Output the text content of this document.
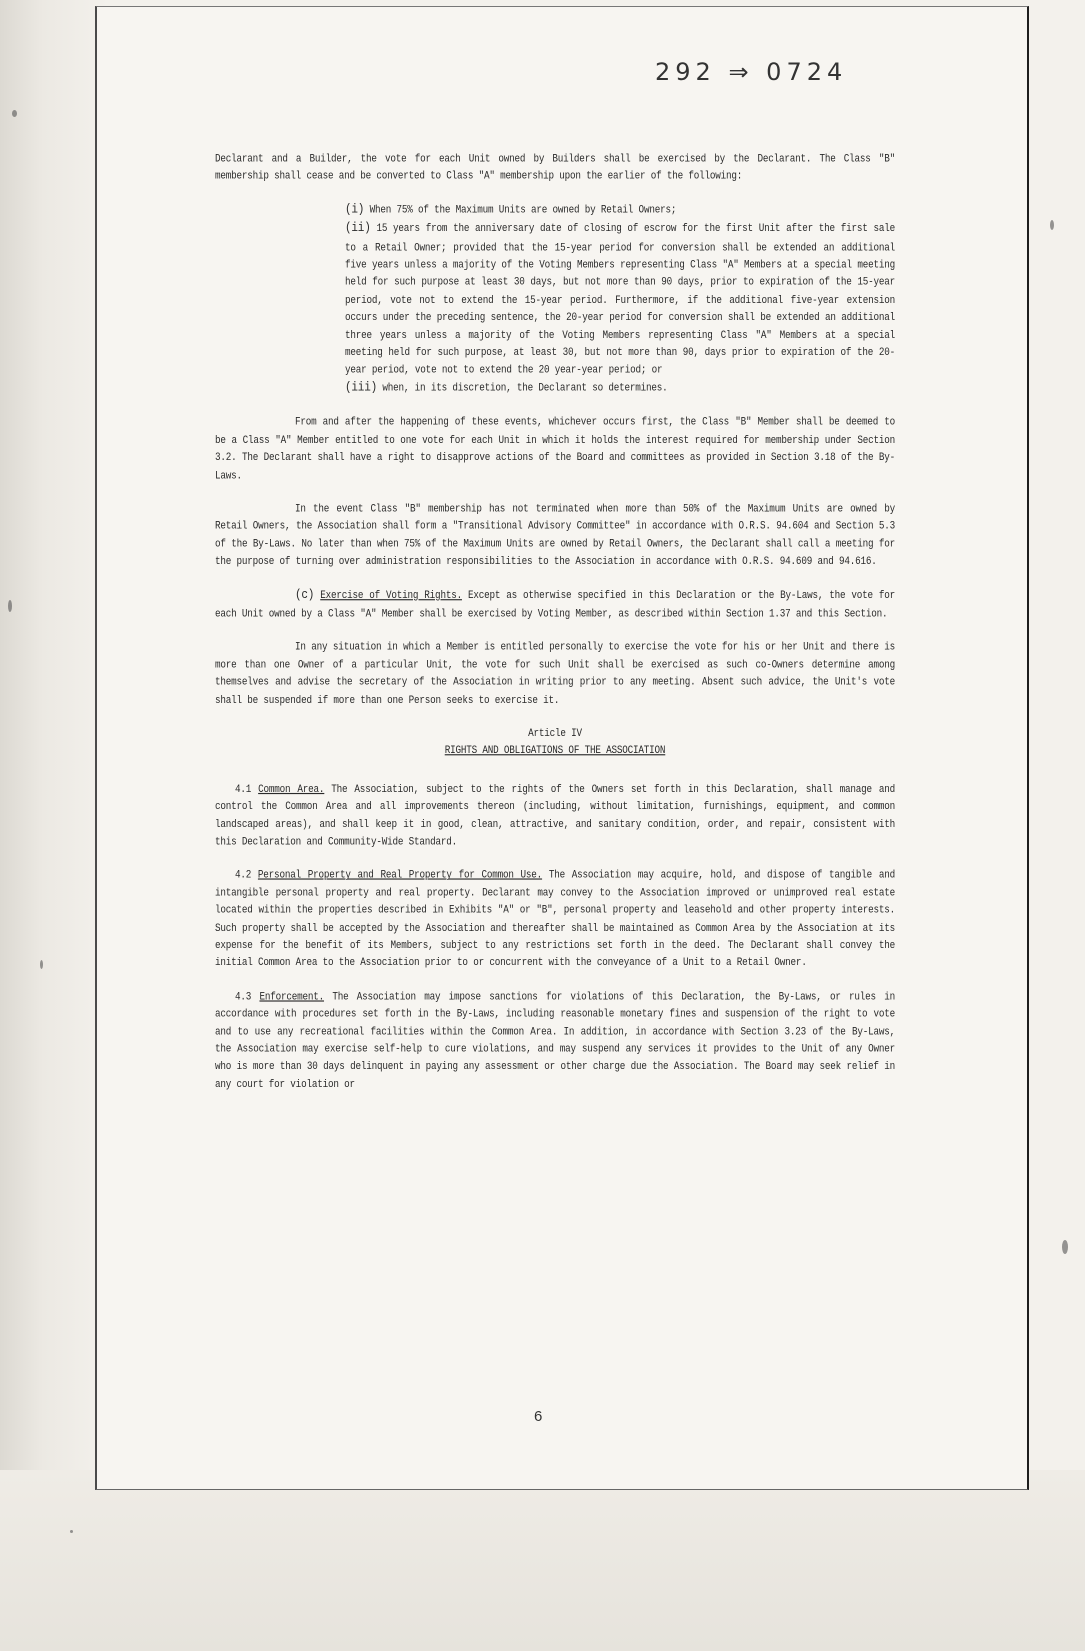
292 ⇒ 0724

Declarant and a Builder, the vote for each Unit owned by Builders shall be exercised by the Declarant. The Class "B" membership shall cease and be converted to Class "A" membership upon the earlier of the following:

(i) When 75% of the Maximum Units are owned by Retail Owners;

(ii) 15 years from the anniversary date of closing of escrow for the first Unit after the first sale to a Retail Owner; provided that the 15-year period for conversion shall be extended an additional five years unless a majority of the Voting Members representing Class "A" Members at a special meeting held for such purpose at least 30 days, but not more than 90 days, prior to expiration of the 15-year period, vote not to extend the 15-year period. Furthermore, if the additional five-year extension occurs under the preceding sentence, the 20-year period for conversion shall be extended an additional three years unless a majority of the Voting Members representing Class "A" Members at a special meeting held for such purpose, at least 30, but not more than 90, days prior to expiration of the 20-year period, vote not to extend the 20 year-year period; or

(iii) when, in its discretion, the Declarant so determines.

From and after the happening of these events, whichever occurs first, the Class "B" Member shall be deemed to be a Class "A" Member entitled to one vote for each Unit in which it holds the interest required for membership under Section 3.2. The Declarant shall have a right to disapprove actions of the Board and committees as provided in Section 3.18 of the By-Laws.

In the event Class "B" membership has not terminated when more than 50% of the Maximum Units are owned by Retail Owners, the Association shall form a "Transitional Advisory Committee" in accordance with O.R.S. 94.604 and Section 5.3 of the By-Laws. No later than when 75% of the Maximum Units are owned by Retail Owners, the Declarant shall call a meeting for the purpose of turning over administration responsibilities to the Association in accordance with O.R.S. 94.609 and 94.616.

(c) Exercise of Voting Rights. Except as otherwise specified in this Declaration or the By-Laws, the vote for each Unit owned by a Class "A" Member shall be exercised by Voting Member, as described within Section 1.37 and this Section.

In any situation in which a Member is entitled personally to exercise the vote for his or her Unit and there is more than one Owner of a particular Unit, the vote for such Unit shall be exercised as such co-Owners determine among themselves and advise the secretary of the Association in writing prior to any meeting. Absent such advice, the Unit's vote shall be suspended if more than one Person seeks to exercise it.

Article IV

RIGHTS AND OBLIGATIONS OF THE ASSOCIATION

4.1 Common Area. The Association, subject to the rights of the Owners set forth in this Declaration, shall manage and control the Common Area and all improvements thereon (including, without limitation, furnishings, equipment, and common landscaped areas), and shall keep it in good, clean, attractive, and sanitary condition, order, and repair, consistent with this Declaration and Community-Wide Standard.

4.2 Personal Property and Real Property for Common Use. The Association may acquire, hold, and dispose of tangible and intangible personal property and real property. Declarant may convey to the Association improved or unimproved real estate located within the properties described in Exhibits "A" or "B", personal property and leasehold and other property interests. Such property shall be accepted by the Association and thereafter shall be maintained as Common Area by the Association at its expense for the benefit of its Members, subject to any restrictions set forth in the deed. The Declarant shall convey the initial Common Area to the Association prior to or concurrent with the conveyance of a Unit to a Retail Owner.

4.3 Enforcement. The Association may impose sanctions for violations of this Declaration, the By-Laws, or rules in accordance with procedures set forth in the By-Laws, including reasonable monetary fines and suspension of the right to vote and to use any recreational facilities within the Common Area. In addition, in accordance with Section 3.23 of the By-Laws, the Association may exercise self-help to cure violations, and may suspend any services it provides to the Unit of any Owner who is more than 30 days delinquent in paying any assessment or other charge due the Association. The Board may seek relief in any court for violation or

6
